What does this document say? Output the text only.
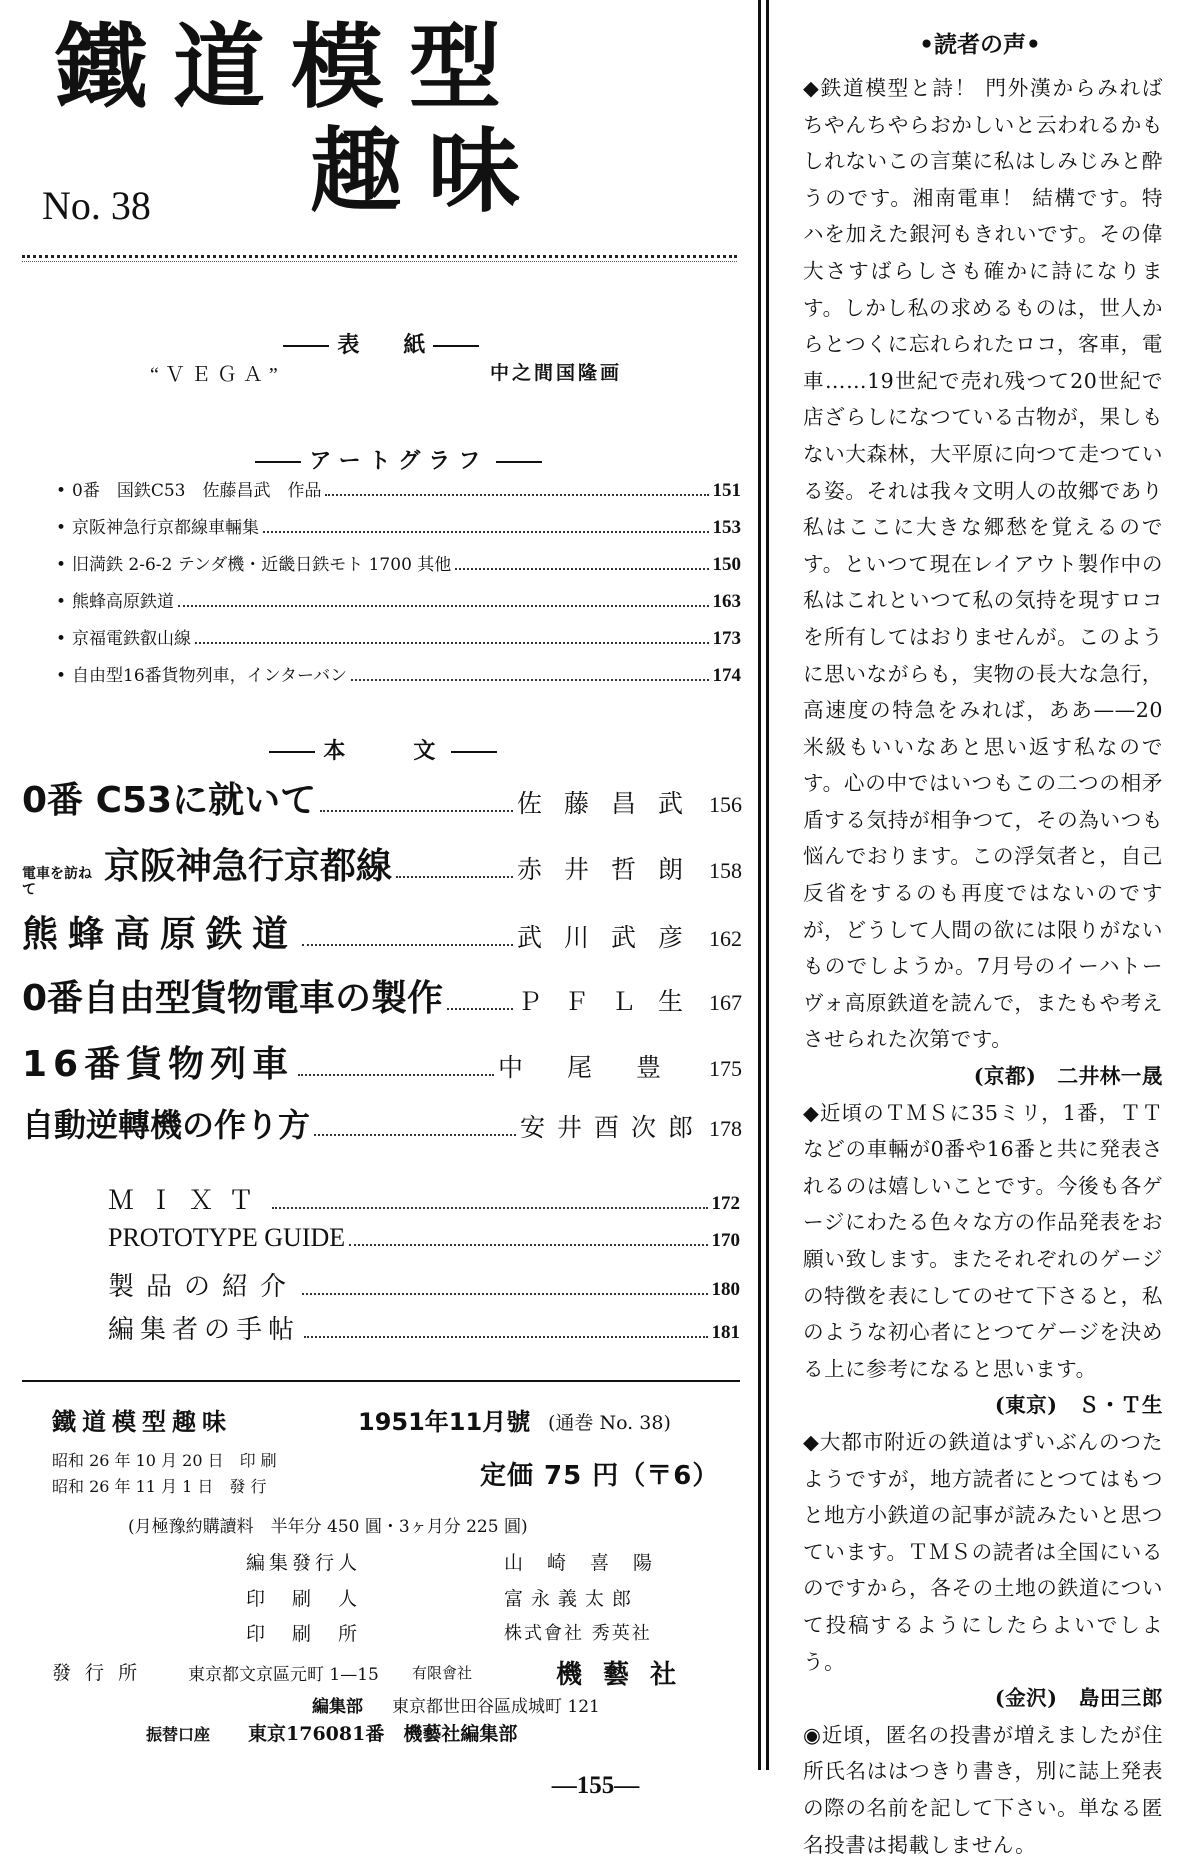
鐵道模型
趣味
No. 38

表　　紙

“ＶＥＧＡ”	中之間国隆画

アートグラフ

• 0番　国鉄C53　佐藤昌武　作品	151
• 京阪神急行京都線車輛集	153
• 旧満鉄 2-6-2 テンダ機・近畿日鉄モト 1700 其他	150
• 熊蜂高原鉄道	163
• 京福電鉄叡山線	173
• 自由型16番貨物列車，インターバン	174

本　　文

0番 C53に就いて	佐藤昌武 156
電車を訪ねて
京阪神急行京都線	赤井哲朗 158
熊蜂高原鉄道	武川武彦 162
0番自由型貨物電車の製作	ＰＦＬ生 167
16番貨物列車	中尾豊 175
自動逆轉機の作り方	安井酉次郎 178
ＭＩＸＴ	172
PROTOTYPE GUIDE	170
製品の紹介	180
編集者の手帖	181
鐵道模型趣味	1951年11月號 (通巻 No. 38)
昭和 26 年 10 月 20 日　印 刷
昭和 26 年 11 月 1 日　發 行	定価 75 円（〒6）
(月極豫約購讀料　半年分 450 圓・3ヶ月分 225 圓)
編集發行人	山崎喜陽
印　刷　人	富永義太郎
印　刷　所	株式會社 秀英社
發 行 所	東京都文京區元町 1—15 有限會社	機 藝 社
編集部 東京都世田谷區成城町 121
振替口座 東京176081番　機藝社編集部
•読者の声•

◆鉄道模型と詩！ 門外漢からみればちやんちやらおかしいと云われるかもしれないこの言葉に私はしみじみと酔うのです。湘南電車！ 結構です。特ハを加えた銀河もきれいです。その偉大さすばらしさも確かに詩になります。しかし私の求めるものは，世人からとつくに忘れられたロコ，客車，電車……19世紀で売れ残つて20世紀で店ざらしになつている古物が，果しもない大森林，大平原に向つて走つている姿。それは我々文明人の故郷であり私はここに大きな郷愁を覚えるのです。といつて現在レイアウト製作中の私はこれといつて私の気持を現すロコを所有してはおりませんが。このように思いながらも，実物の長大な急行，高速度の特急をみれば，ああ——20米級もいいなあと思い返す私なのです。心の中ではいつもこの二つの相矛盾する気持が相争つて，その為いつも悩んでおります。この浮気者と，自己反省をするのも再度ではないのですが，どうして人間の欲には限りがないものでしようか。7月号のイーハトーヴォ高原鉄道を読んで，またもや考えさせられた次第です。

(京都)　二井林一晟

◆近頃のＴＭＳに35ミリ，1番，ＴＴなどの車輛が0番や16番と共に発表されるのは嬉しいことです。今後も各ゲージにわたる色々な方の作品発表をお願い致します。またそれぞれのゲージの特徴を表にしてのせて下さると，私のような初心者にとつてゲージを決める上に参考になると思います。

(東京)　Ｓ・Ｔ生

◆大都市附近の鉄道はずいぶんのつたようですが，地方読者にとつてはもつと地方小鉄道の記事が読みたいと思つています。ＴＭＳの読者は全国にいるのですから，各その土地の鉄道について投稿するようにしたらよいでしよう。

(金沢)　島田三郎

◉近頃，匿名の投書が増えましたが住所氏名ははつきり書き，別に誌上発表の際の名前を記して下さい。単なる匿名投書は掲載しません。

—155—
